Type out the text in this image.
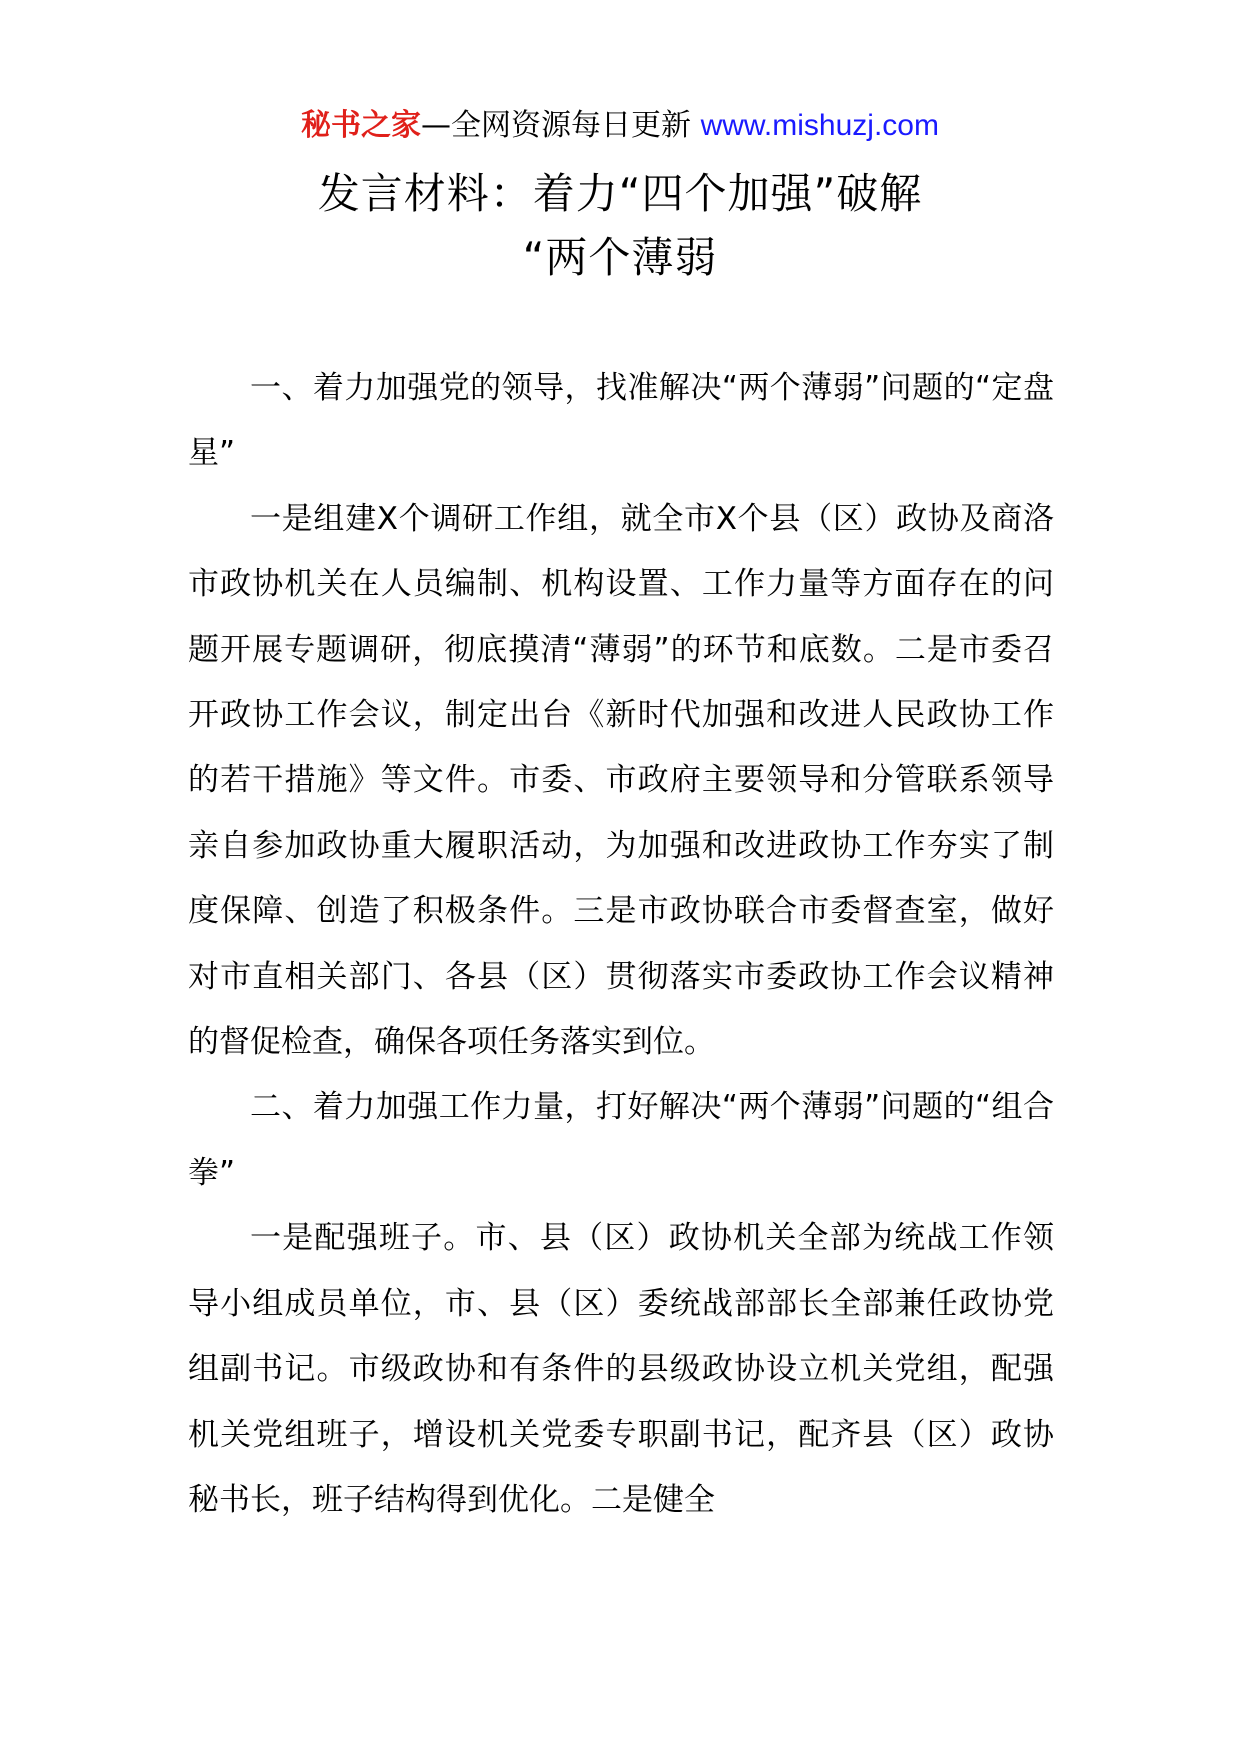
秘书之家—全网资源每日更新 www.mishuzj.com
发言材料：着力“四个加强”破解
“两个薄弱

一、着力加强党的领导，找准解决“两个薄弱”问题的“定盘星”

一是组建X个调研工作组，就全市X个县（区）政协及商洛市政协机关在人员编制、机构设置、工作力量等方面存在的问题开展专题调研，彻底摸清“薄弱”的环节和底数。二是市委召开政协工作会议，制定出台《新时代加强和改进人民政协工作的若干措施》等文件。市委、市政府主要领导和分管联系领导亲自参加政协重大履职活动，为加强和改进政协工作夯实了制度保障、创造了积极条件。三是市政协联合市委督查室，做好对市直相关部门、各县（区）贯彻落实市委政协工作会议精神的督促检查，确保各项任务落实到位。

二、着力加强工作力量，打好解决“两个薄弱”问题的“组合拳”

一是配强班子。市、县（区）政协机关全部为统战工作领导小组成员单位，市、县（区）委统战部部长全部兼任政协党组副书记。市级政协和有条件的县级政协设立机关党组，配强机关党组班子，增设机关党委专职副书记，配齐县（区）政协秘书长，班子结构得到优化。二是健全
